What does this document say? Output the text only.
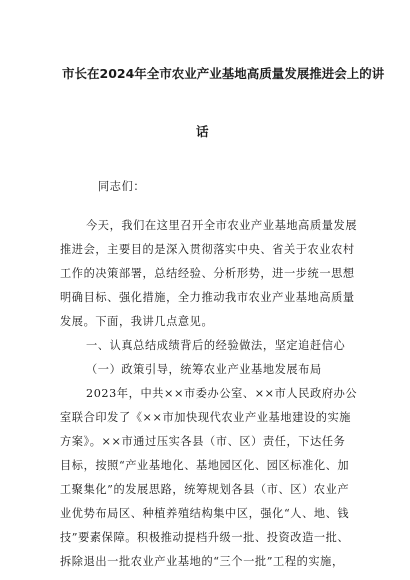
市长在2024年全市农业产业基地高质量发展推进会上的讲
话
同志们：
今天，我们在这里召开全市农业产业基地高质量发展
推进会，主要目的是深入贯彻落实中央、省关于农业农村
工作的决策部署，总结经验、分析形势，进一步统一思想
明确目标、强化措施，全力推动我市农业产业基地高质量
发展。下面，我讲几点意见。
一、认真总结成绩背后的经验做法，坚定追赶信心
（一）政策引导，统筹农业产业基地发展布局
2023年，中共××市委办公室、××市人民政府办公
室联合印发了《××市加快现代农业产业基地建设的实施
方案》。××市通过压实各县（市、区）责任，下达任务
目标，按照“产业基地化、基地园区化、园区标准化、加
工聚集化”的发展思路，统筹规划各县（市、区）农业产
业优势布局区、种植养殖结构集中区，强化“人、地、钱
技”要素保障。积极推动提档升级一批、投资改造一批、
拆除退出一批农业产业基地的“三个一批”工程的实施，
